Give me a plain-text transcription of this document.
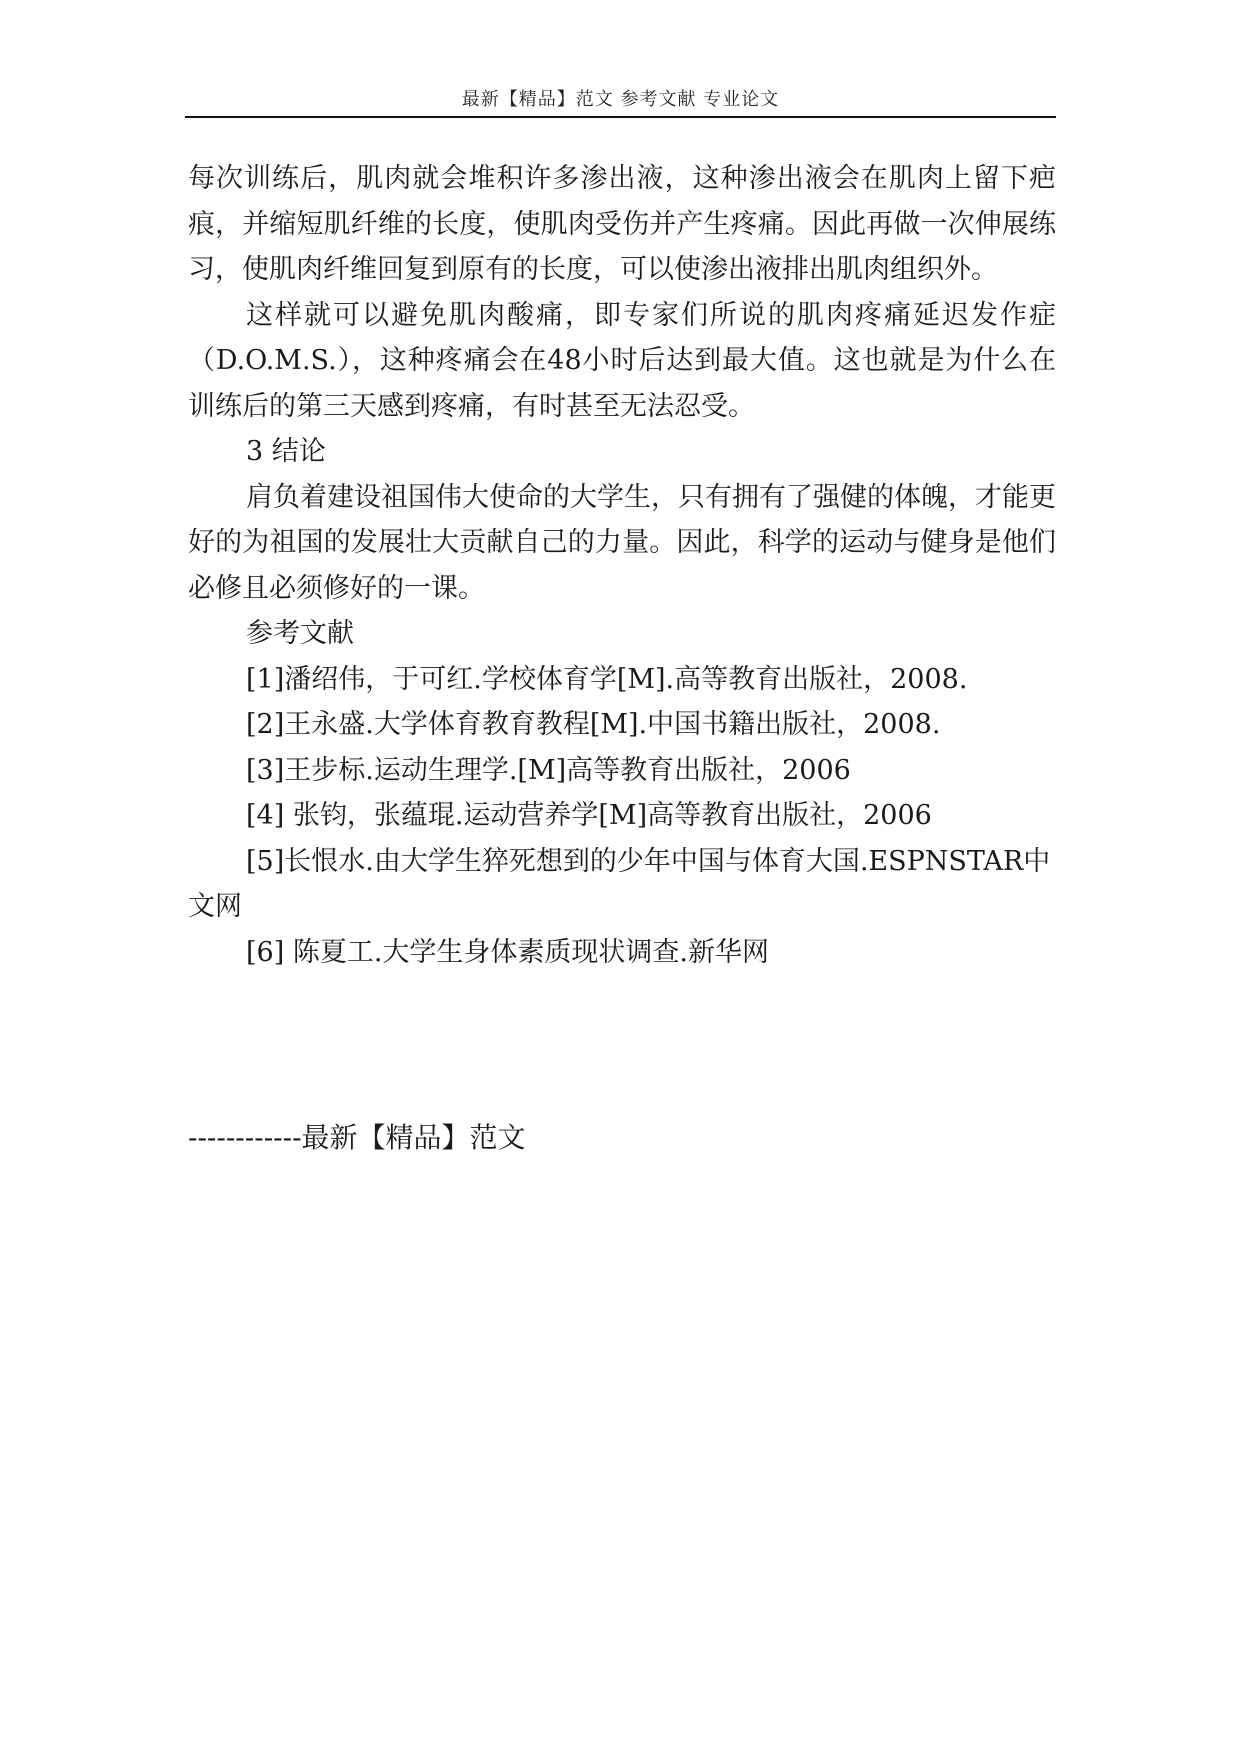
最新【精品】范文 参考文献 专业论文

每次训练后，肌肉就会堆积许多渗出液，这种渗出液会在肌肉上留下疤痕，并缩短肌纤维的长度，使肌肉受伤并产生疼痛。因此再做一次伸展练习，使肌肉纤维回复到原有的长度，可以使渗出液排出肌肉组织外。

这样就可以避免肌肉酸痛，即专家们所说的肌肉疼痛延迟发作症（D.O.M.S.），这种疼痛会在48小时后达到最大值。这也就是为什么在训练后的第三天感到疼痛，有时甚至无法忍受。

3 结论

肩负着建设祖国伟大使命的大学生，只有拥有了强健的体魄，才能更好的为祖国的发展壮大贡献自己的力量。因此，科学的运动与健身是他们必修且必须修好的一课。

参考文献

[1]潘绍伟，于可红.学校体育学[M].高等教育出版社，2008.

[2]王永盛.大学体育教育教程[M].中国书籍出版社，2008.

[3]王步标.运动生理学.[M]高等教育出版社，2006

[4] 张钧，张蕴琨.运动营养学[M]高等教育出版社，2006

[5]长恨水.由大学生猝死想到的少年中国与体育大国.ESPNSTAR中文网

[6] 陈夏工.大学生身体素质现状调查.新华网

------------最新【精品】范文
